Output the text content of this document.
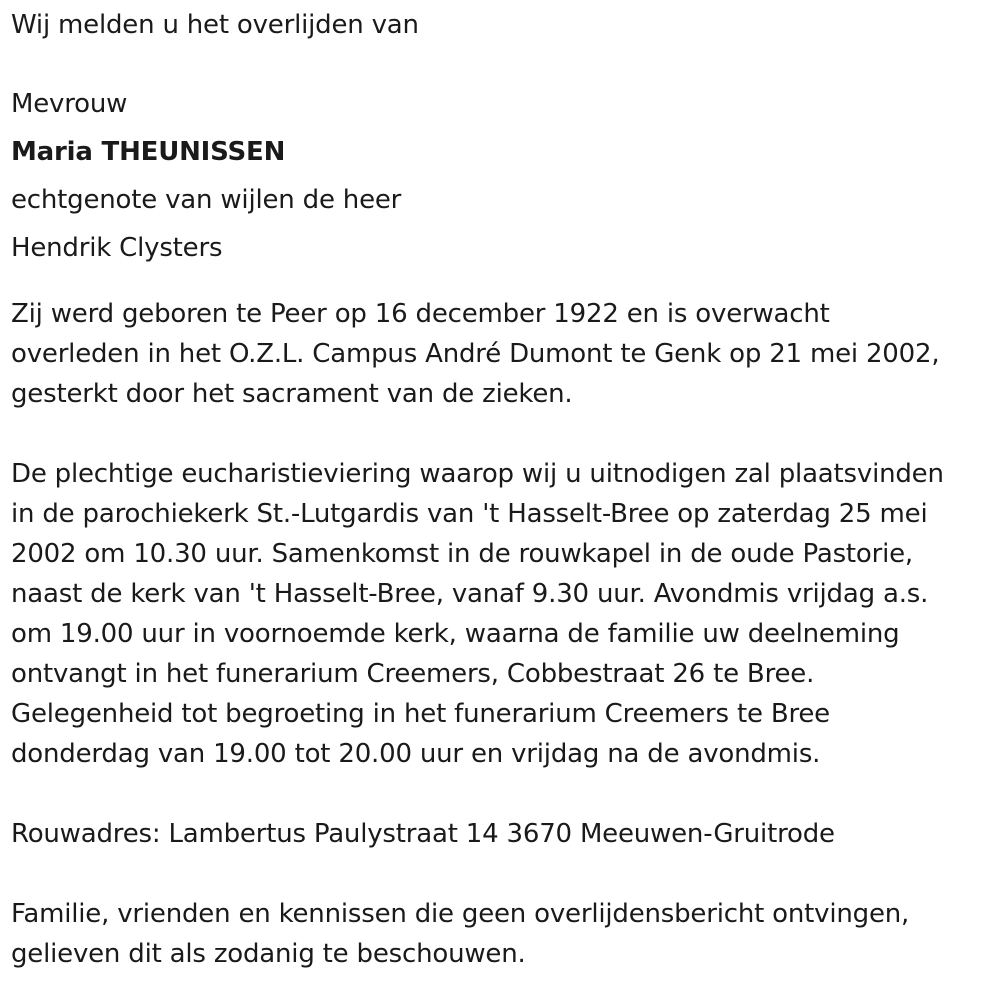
Wij melden u het overlijden van
Mevrouw
Maria THEUNISSEN
echtgenote van wijlen de heer
Hendrik Clysters
Zij werd geboren te Peer op 16 december 1922 en is overwacht
overleden in het O.Z.L. Campus André Dumont te Genk op 21 mei 2002,
gesterkt door het sacrament van de zieken.
De plechtige eucharistieviering waarop wij u uitnodigen zal plaatsvinden
in de parochiekerk St.-Lutgardis van 't Hasselt-Bree op zaterdag 25 mei
2002 om 10.30 uur. Samenkomst in de rouwkapel in de oude Pastorie,
naast de kerk van 't Hasselt-Bree, vanaf 9.30 uur. Avondmis vrijdag a.s.
om 19.00 uur in voornoemde kerk, waarna de familie uw deelneming
ontvangt in het funerarium Creemers, Cobbestraat 26 te Bree.
Gelegenheid tot begroeting in het funerarium Creemers te Bree
donderdag van 19.00 tot 20.00 uur en vrijdag na de avondmis.
Rouwadres: Lambertus Paulystraat 14 3670 Meeuwen-Gruitrode
Familie, vrienden en kennissen die geen overlijdensbericht ontvingen,
gelieven dit als zodanig te beschouwen.
